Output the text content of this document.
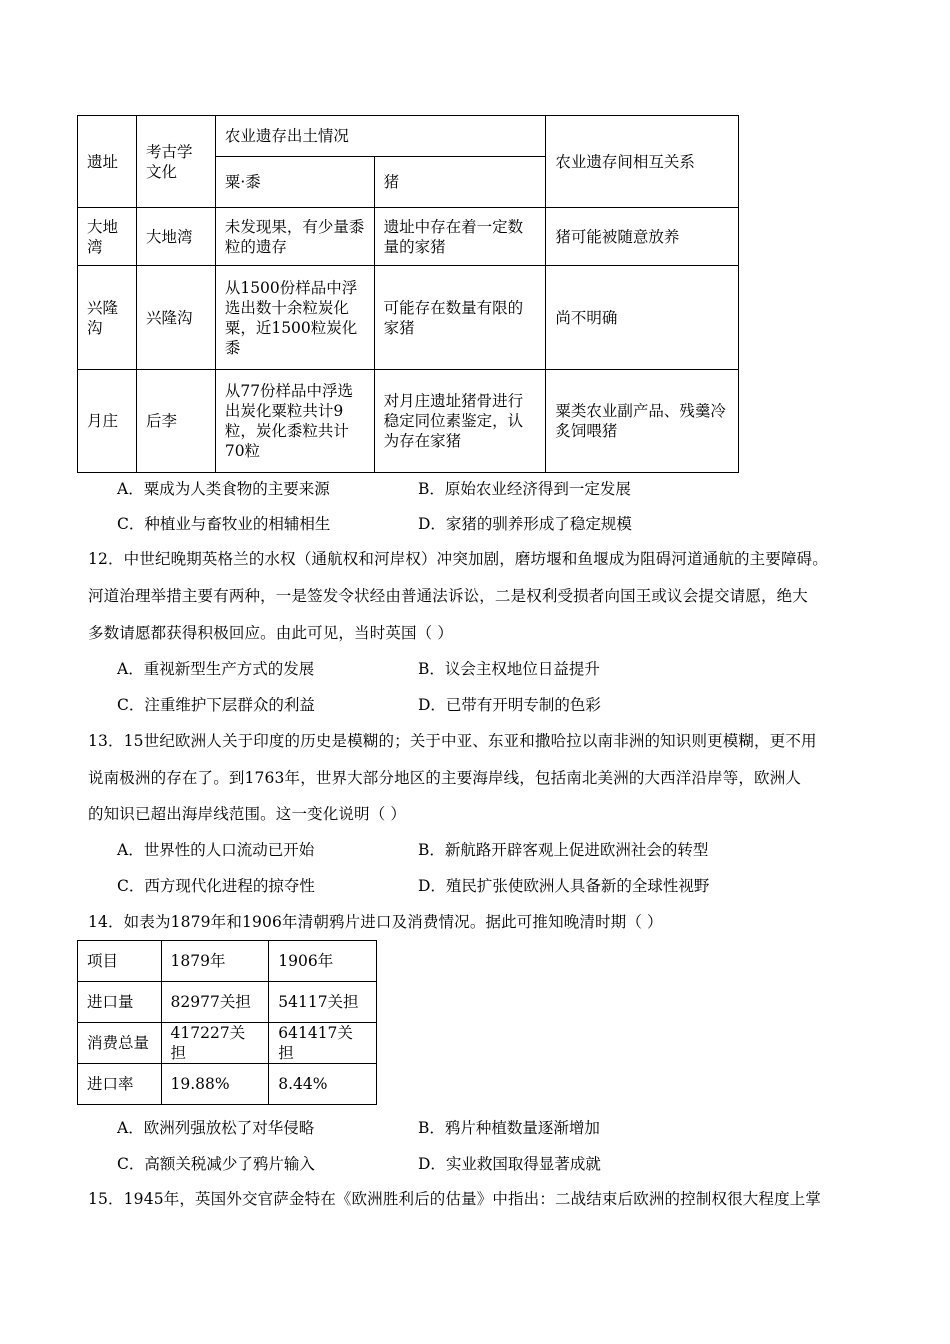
遗址	考古学文化	农业遗存出土情况		农业遗存间相互关系
		粟·黍	猪	
大地湾	大地湾	未发现果，有少量黍粒的遗存	遗址中存在着一定数量的家猪	猪可能被随意放养
兴隆沟	兴隆沟	从1500份样品中浮选出数十余粒炭化粟，近1500粒炭化黍	可能存在数量有限的家猪	尚不明确
月庄	后李	从77份样品中浮选出炭化粟粒共计9粒，炭化黍粒共计70粒	对月庄遗址猪骨进行稳定同位素鉴定，认为存在家猪	粟类农业副产品、残羹冷炙饲喂猪
A．粟成为人类食物的主要来源	B．原始农业经济得到一定发展
C．种植业与畜牧业的相辅相生	D．家猪的驯养形成了稳定规模
12．中世纪晚期英格兰的水权（通航权和河岸权）冲突加剧，磨坊堰和鱼堰成为阻碍河道通航的主要障碍。
河道治理举措主要有两种，一是签发令状经由普通法诉讼，二是权利受损者向国王或议会提交请愿，绝大
多数请愿都获得积极回应。由此可见，当时英国（ ）
A．重视新型生产方式的发展	B．议会主权地位日益提升
C．注重维护下层群众的利益	D．已带有开明专制的色彩
13．15世纪欧洲人关于印度的历史是模糊的；关于中亚、东亚和撒哈拉以南非洲的知识则更模糊，更不用
说南极洲的存在了。到1763年，世界大部分地区的主要海岸线，包括南北美洲的大西洋沿岸等，欧洲人
的知识已超出海岸线范围。这一变化说明（ ）
A．世界性的人口流动已开始	B．新航路开辟客观上促进欧洲社会的转型
C．西方现代化进程的掠夺性	D．殖民扩张使欧洲人具备新的全球性视野
14．如表为1879年和1906年清朝鸦片进口及消费情况。据此可推知晚清时期（ ）
项目	1879年	1906年
进口量	82977关担	54117关担
消费总量	417227关担	641417关担
进口率	19.88%	8.44%
A．欧洲列强放松了对华侵略	B．鸦片种植数量逐渐增加
C．高额关税减少了鸦片输入	D．实业救国取得显著成就
15．1945年，英国外交官萨金特在《欧洲胜利后的估量》中指出：二战结束后欧洲的控制权很大程度上掌
